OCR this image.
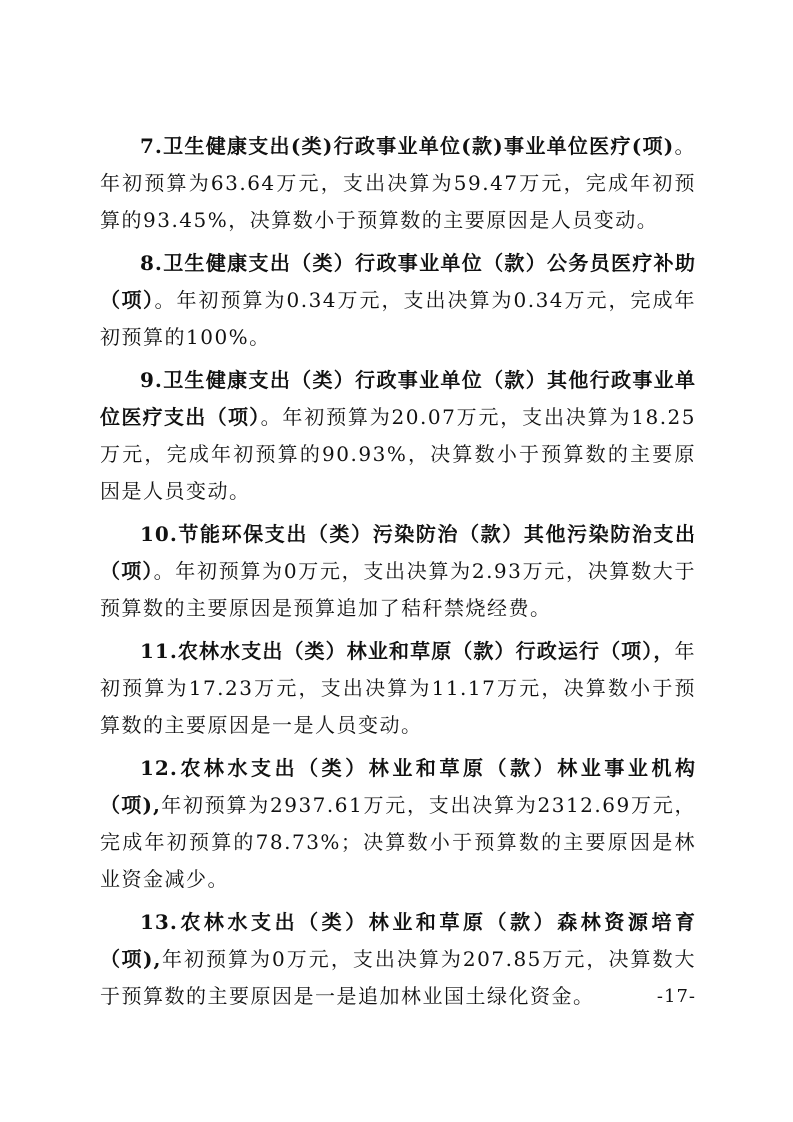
7.卫生健康支出(类)行政事业单位(款)事业单位医疗(项)。年初预算为63.64万元，支出决算为59.47万元，完成年初预算的93.45%，决算数小于预算数的主要原因是人员变动。

8.卫生健康支出（类）行政事业单位（款）公务员医疗补助（项）。年初预算为0.34万元，支出决算为0.34万元，完成年初预算的100%。

9.卫生健康支出（类）行政事业单位（款）其他行政事业单位医疗支出（项）。年初预算为20.07万元，支出决算为18.25万元，完成年初预算的90.93%，决算数小于预算数的主要原因是人员变动。

10.节能环保支出（类）污染防治（款）其他污染防治支出（项）。年初预算为0万元，支出决算为2.93万元，决算数大于预算数的主要原因是预算追加了秸秆禁烧经费。

11.农林水支出（类）林业和草原（款）行政运行（项），年初预算为17.23万元，支出决算为11.17万元，决算数小于预算数的主要原因是一是人员变动。

12.农林水支出（类）林业和草原（款）林业事业机构（项),年初预算为2937.61万元，支出决算为2312.69万元，完成年初预算的78.73%；决算数小于预算数的主要原因是林业资金减少。

13.农林水支出（类）林业和草原（款）森林资源培育（项),年初预算为0万元，支出决算为207.85万元，决算数大于预算数的主要原因是一是追加林业国土绿化资金。	-17-
